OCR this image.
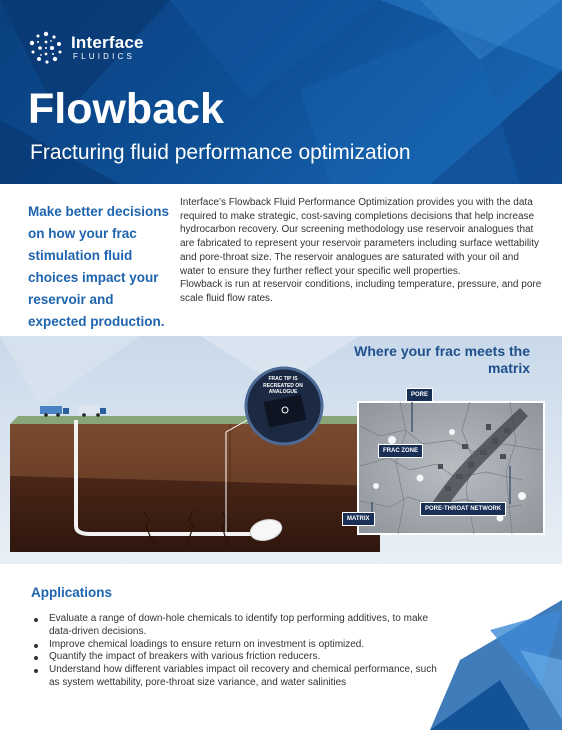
Interface
FLUIDICS
Flowback
Fracturing fluid performance optimization
Make better decisions on how your frac stimulation fluid choices impact your reservoir and expected production.

Interface’s Flowback Fluid Performance Optimization provides you with the data required to make strategic, cost-saving completions decisions that help increase hydrocarbon recovery. Our screening methodology use reservoir analogues that are fabricated to represent your reservoir parameters including surface wettability and pore-throat size. The reservoir analogues are saturated with your oil and water to ensure they further reflect your specific well properties.

Flowback is run at reservoir conditions, including temperature, pressure, and pore scale fluid flow rates.

Where your frac meets the matrix
FRAC TIP IS RECREATED ON ANALOGUE	PORE
FRAC ZONE
MATRIX
PORE-THROAT NETWORK
Applications
Evaluate a range of down-hole chemicals to identify top performing additives, to make data-driven decisions.
Improve chemical loadings to ensure return on investment is optimized.
Quantify the impact of breakers with various friction reducers.
Understand how different variables impact oil recovery and chemical performance, such as system wettability, pore-throat size variance, and water salinities
